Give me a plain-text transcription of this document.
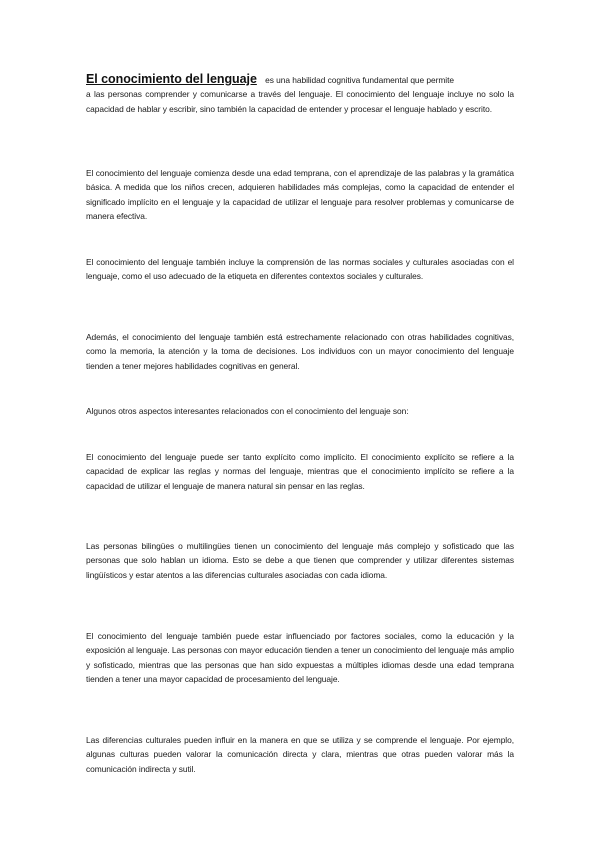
El conocimiento del lenguaje es una habilidad cognitiva fundamental que permite
a las personas comprender y comunicarse a través del lenguaje. El conocimiento del lenguaje incluye no solo la capacidad de hablar y escribir, sino también la capacidad de entender y procesar el lenguaje hablado y escrito.
El conocimiento del lenguaje comienza desde una edad temprana, con el aprendizaje de las palabras y la gramática básica. A medida que los niños crecen, adquieren habilidades más complejas, como la capacidad de entender el significado implícito en el lenguaje y la capacidad de utilizar el lenguaje para resolver problemas y comunicarse de manera efectiva.
El conocimiento del lenguaje también incluye la comprensión de las normas sociales y culturales asociadas con el lenguaje, como el uso adecuado de la etiqueta en diferentes contextos sociales y culturales.
Además, el conocimiento del lenguaje también está estrechamente relacionado con otras habilidades cognitivas, como la memoria, la atención y la toma de decisiones. Los individuos con un mayor conocimiento del lenguaje tienden a tener mejores habilidades cognitivas en general.
Algunos otros aspectos interesantes relacionados con el conocimiento del lenguaje son:
El conocimiento del lenguaje puede ser tanto explícito como implícito. El conocimiento explícito se refiere a la capacidad de explicar las reglas y normas del lenguaje, mientras que el conocimiento implícito se refiere a la capacidad de utilizar el lenguaje de manera natural sin pensar en las reglas.
Las personas bilingües o multilingües tienen un conocimiento del lenguaje más complejo y sofisticado que las personas que solo hablan un idioma. Esto se debe a que tienen que comprender y utilizar diferentes sistemas lingüísticos y estar atentos a las diferencias culturales asociadas con cada idioma.
El conocimiento del lenguaje también puede estar influenciado por factores sociales, como la educación y la exposición al lenguaje. Las personas con mayor educación tienden a tener un conocimiento del lenguaje más amplio y sofisticado, mientras que las personas que han sido expuestas a múltiples idiomas desde una edad temprana tienden a tener una mayor capacidad de procesamiento del lenguaje.
Las diferencias culturales pueden influir en la manera en que se utiliza y se comprende el lenguaje. Por ejemplo, algunas culturas pueden valorar la comunicación directa y clara, mientras que otras pueden valorar más la comunicación indirecta y sutil.
